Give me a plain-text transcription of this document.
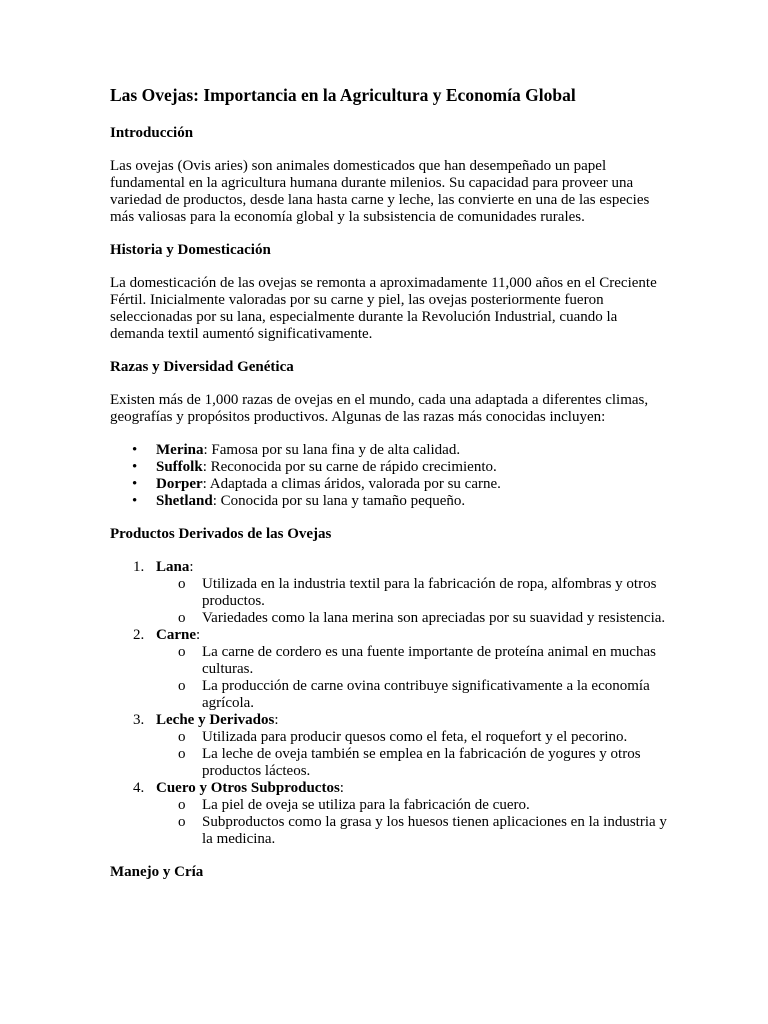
Las Ovejas: Importancia en la Agricultura y Economía Global
Introducción

Las ovejas (Ovis aries) son animales domesticados que han desempeñado un papel fundamental en la agricultura humana durante milenios. Su capacidad para proveer una variedad de productos, desde lana hasta carne y leche, las convierte en una de las especies más valiosas para la economía global y la subsistencia de comunidades rurales.

Historia y Domesticación

La domesticación de las ovejas se remonta a aproximadamente 11,000 años en el Creciente Fértil. Inicialmente valoradas por su carne y piel, las ovejas posteriormente fueron seleccionadas por su lana, especialmente durante la Revolución Industrial, cuando la demanda textil aumentó significativamente.

Razas y Diversidad Genética

Existen más de 1,000 razas de ovejas en el mundo, cada una adaptada a diferentes climas, geografías y propósitos productivos. Algunas de las razas más conocidas incluyen:

• Merina: Famosa por su lana fina y de alta calidad.
• Suffolk: Reconocida por su carne de rápido crecimiento.
• Dorper: Adaptada a climas áridos, valorada por su carne.
• Shetland: Conocida por su lana y tamaño pequeño.
Productos Derivados de las Ovejas
1. Lana:
o Utilizada en la industria textil para la fabricación de ropa, alfombras y otros productos.
o Variedades como la lana merina son apreciadas por su suavidad y resistencia.
2. Carne:
o La carne de cordero es una fuente importante de proteína animal en muchas culturas.
o La producción de carne ovina contribuye significativamente a la economía agrícola.
3. Leche y Derivados:
o Utilizada para producir quesos como el feta, el roquefort y el pecorino.
o La leche de oveja también se emplea en la fabricación de yogures y otros productos lácteos.
4. Cuero y Otros Subproductos:
o La piel de oveja se utiliza para la fabricación de cuero.
o Subproductos como la grasa y los huesos tienen aplicaciones en la industria y la medicina.
Manejo y Cría
